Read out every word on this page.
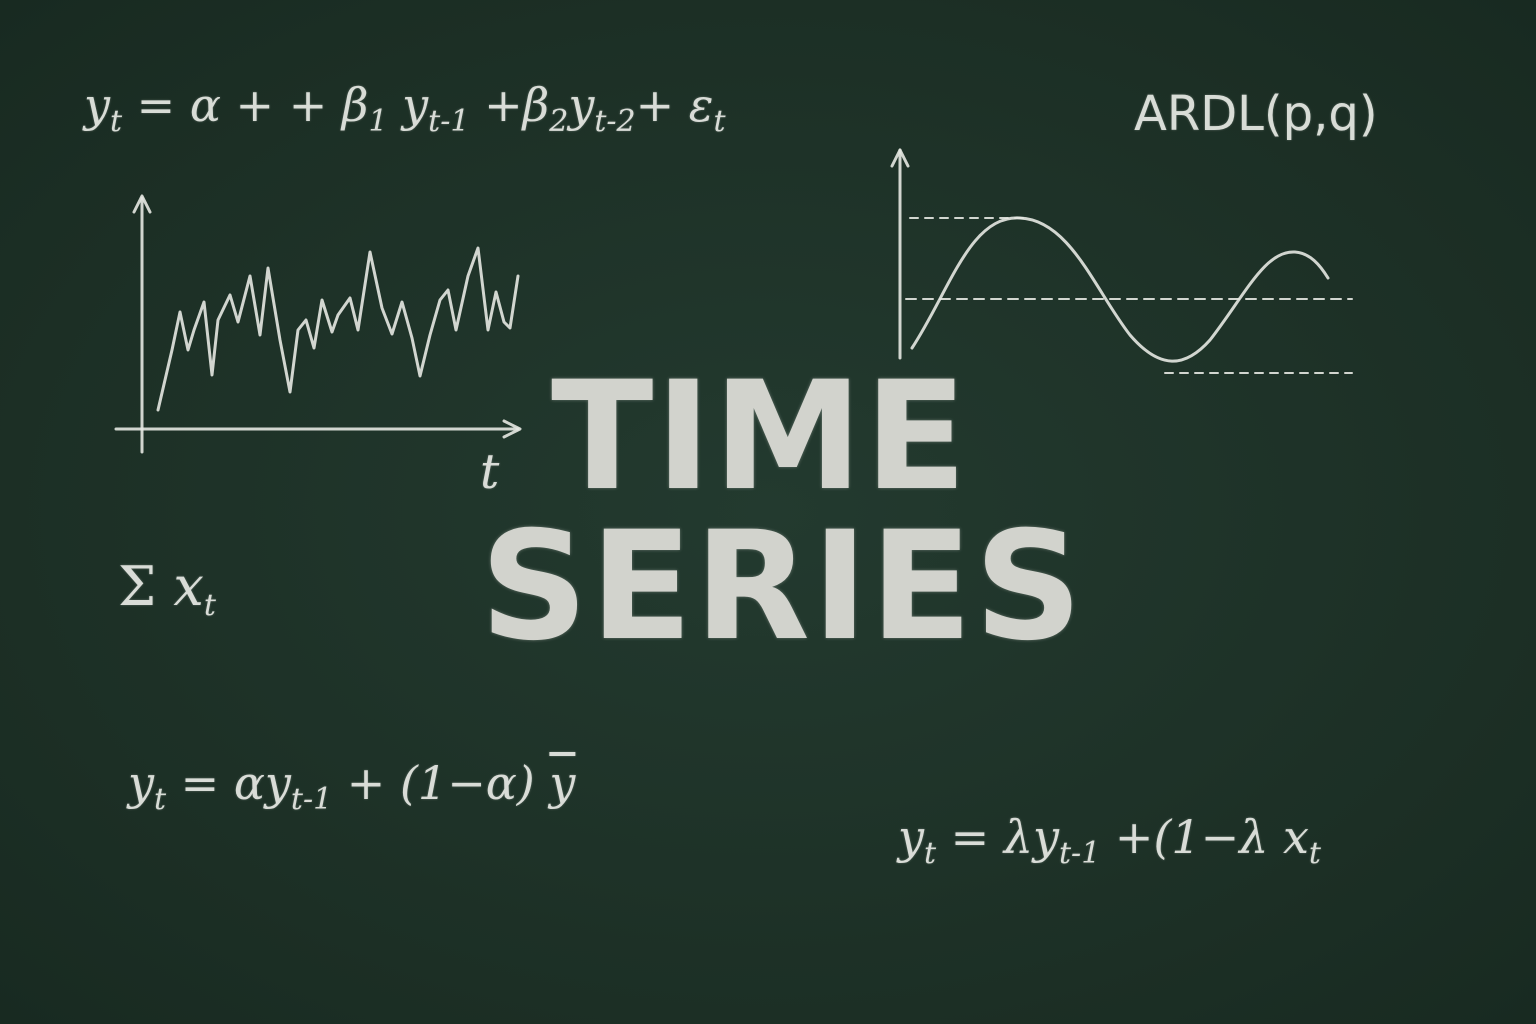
$y_t = \alpha$ + + $\beta_1$ $y_{t-1} +\beta_2y_{t-2}+ \varepsilon_t$	ARDL(p,q)
t
Σ $x_t$
TIME
SERIES
$y_t = \alpha y_{t-1} + (1-\alpha)$ $\overline{y}$
$y_t = \lambda y_{t-1} +(1-\lambda$ $x_t$
